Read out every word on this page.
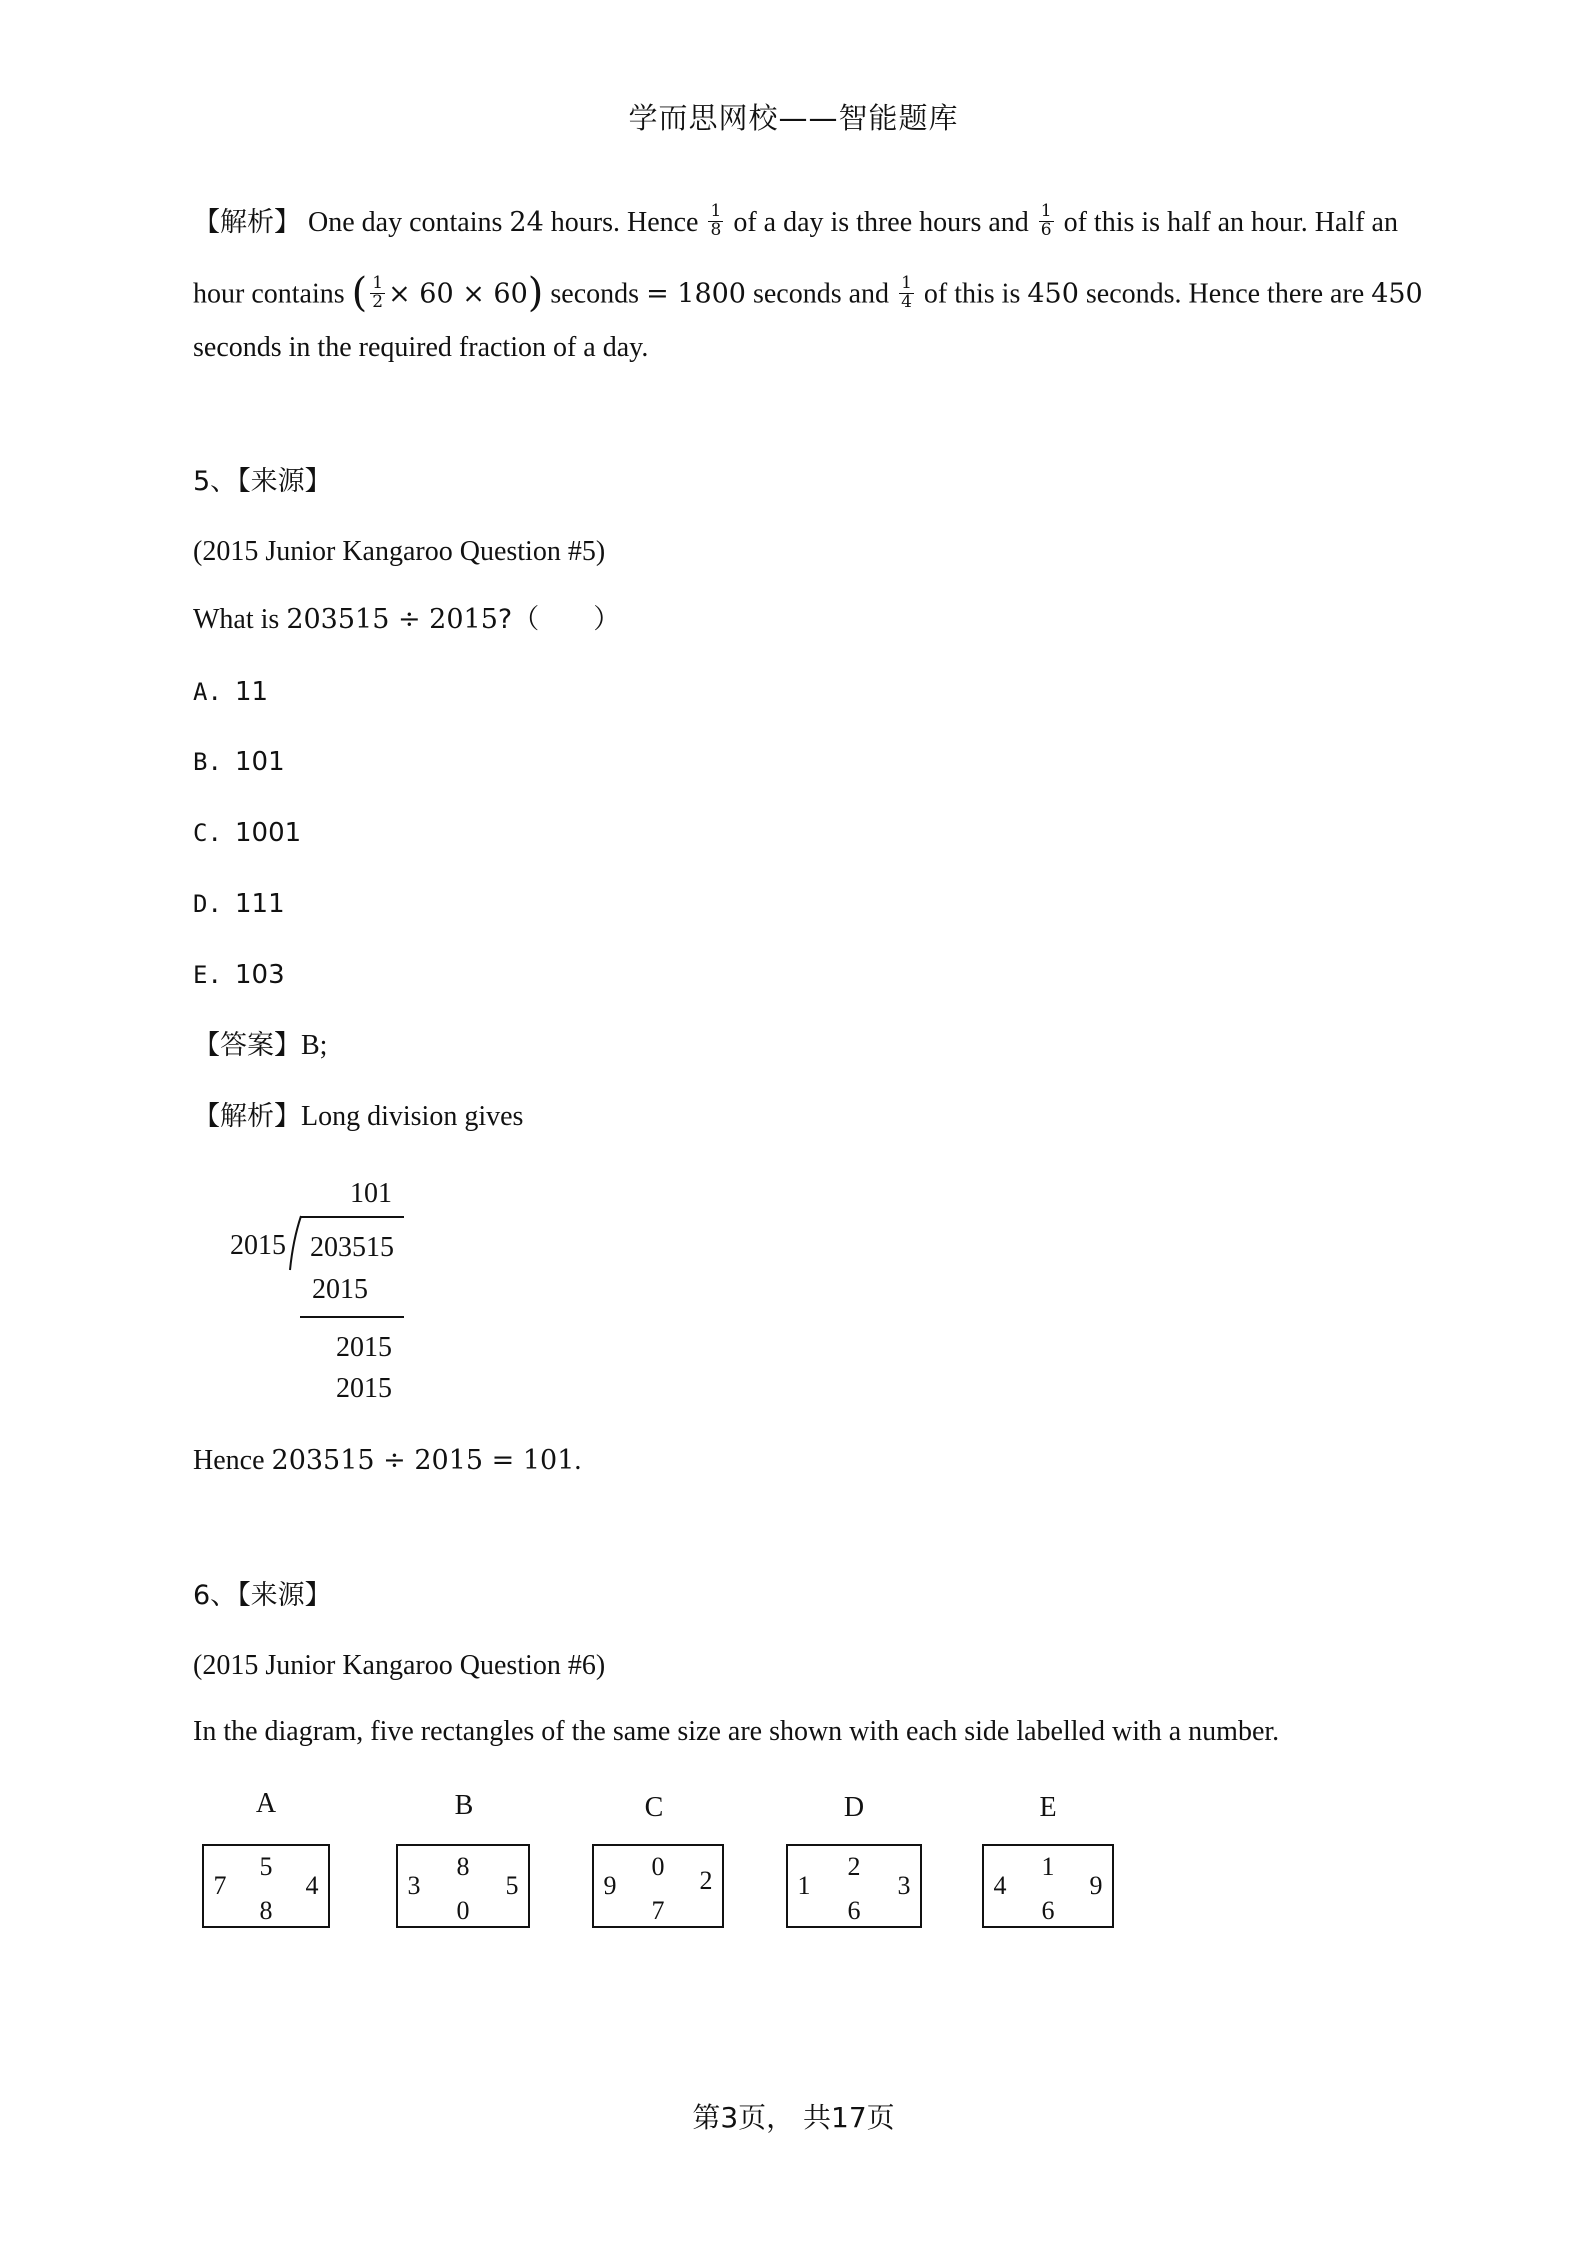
学而思网校——智能题库
【解析】 One day contains 24 hours. Hence $\frac{1}{8}$ of a day is three hours and $\frac{1}{6}$ of this is half an hour. Half an
hour contains ( $\frac{1}{2} \times 60 \times 60$) seconds = 1800 seconds and $\frac{1}{4}$ of this is 450 seconds. Hence there are 450
seconds in the required fraction of a day.
5、【来源】
(2015 Junior Kangaroo Question #5)
What is 203515 ÷ 2015?（　　）
A. 11
B. 101
C. 1001
D. 111
E. 103
【答案】B;
【解析】Long division gives
101
2015 203515
2015
2015
2015
Hence 203515 ÷ 2015 = 101.
6、【来源】
(2015 Junior Kangaroo Question #6)
In the diagram, five rectangles of the same size are shown with each side labelled with a number.
A
5
7	4
8
B
8
3	5
0
C
0
9	2
7
D
2
1	3
6
E
1
4	9
6
第3页， 共17页
